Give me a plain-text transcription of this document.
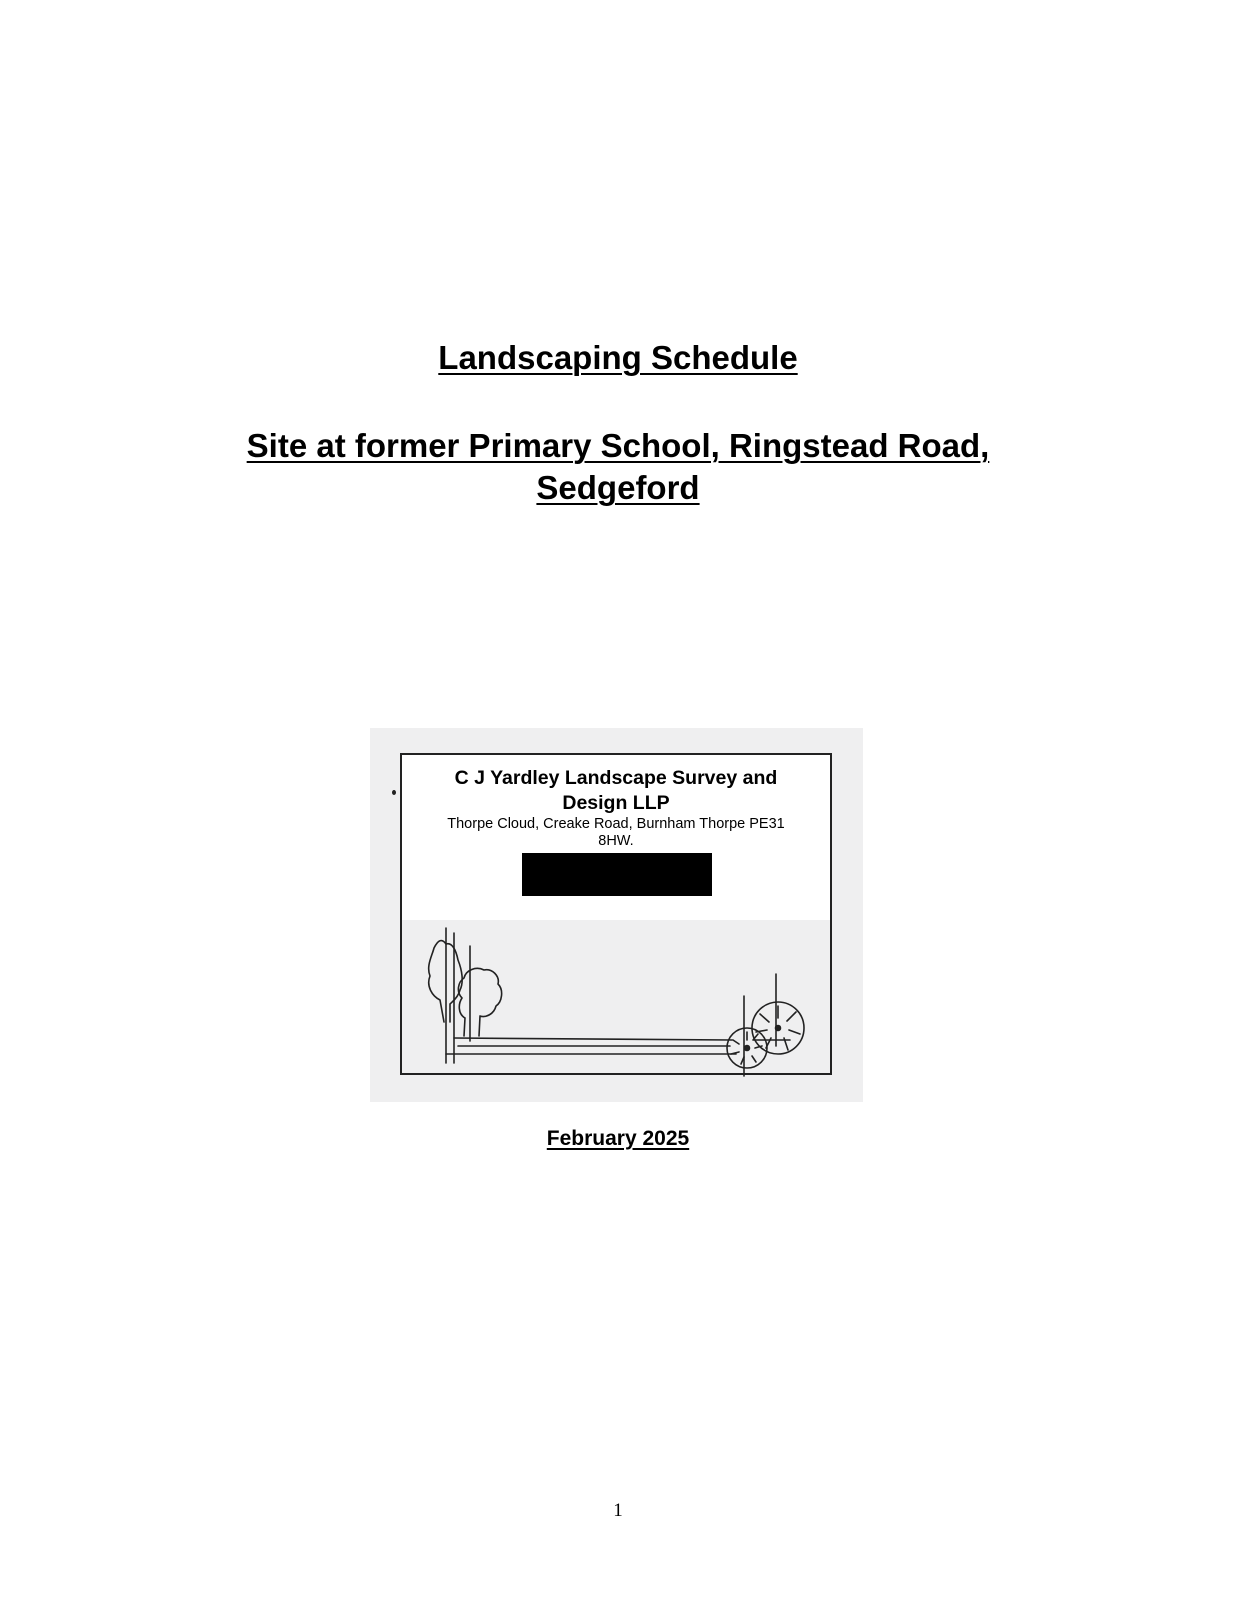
Landscaping Schedule
Site at former Primary School, Ringstead Road,
Sedgeford
C J Yardley Landscape Survey and
Design LLP
Thorpe Cloud, Creake Road, Burnham Thorpe PE31
8HW.
February 2025
1
